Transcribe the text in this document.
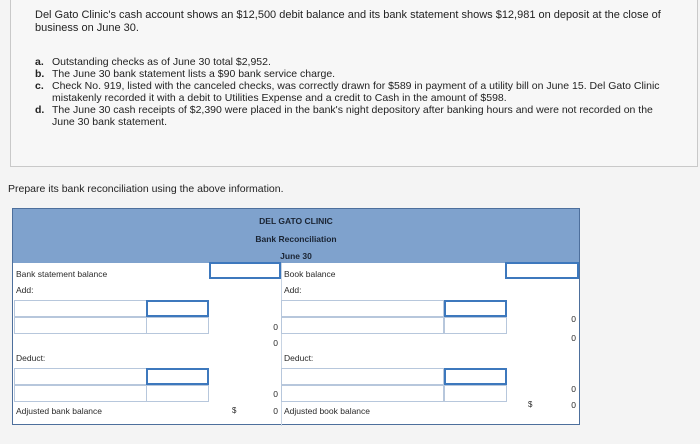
Del Gato Clinic's cash account shows an $12,500 debit balance and its bank statement shows $12,981 on deposit at the close of business on June 30.

a. Outstanding checks as of June 30 total $2,952.
b. The June 30 bank statement lists a $90 bank service charge.
c. Check No. 919, listed with the canceled checks, was correctly drawn for $589 in payment of a utility bill on June 15. Del Gato Clinic mistakenly recorded it with a debit to Utilities Expense and a credit to Cash in the amount of $598.
d. The June 30 cash receipts of $2,390 were placed in the bank's night depository after banking hours and were not recorded on the June 30 bank statement.

Prepare its bank reconciliation using the above information.

DEL GATO CLINIC
Bank Reconciliation
June 30
Bank statement balance
Add:
Deduct:
Adjusted bank balance
0
0
0
$	0
Book balance
Add:
Deduct:
Adjusted book balance
0
0
0
$	0
